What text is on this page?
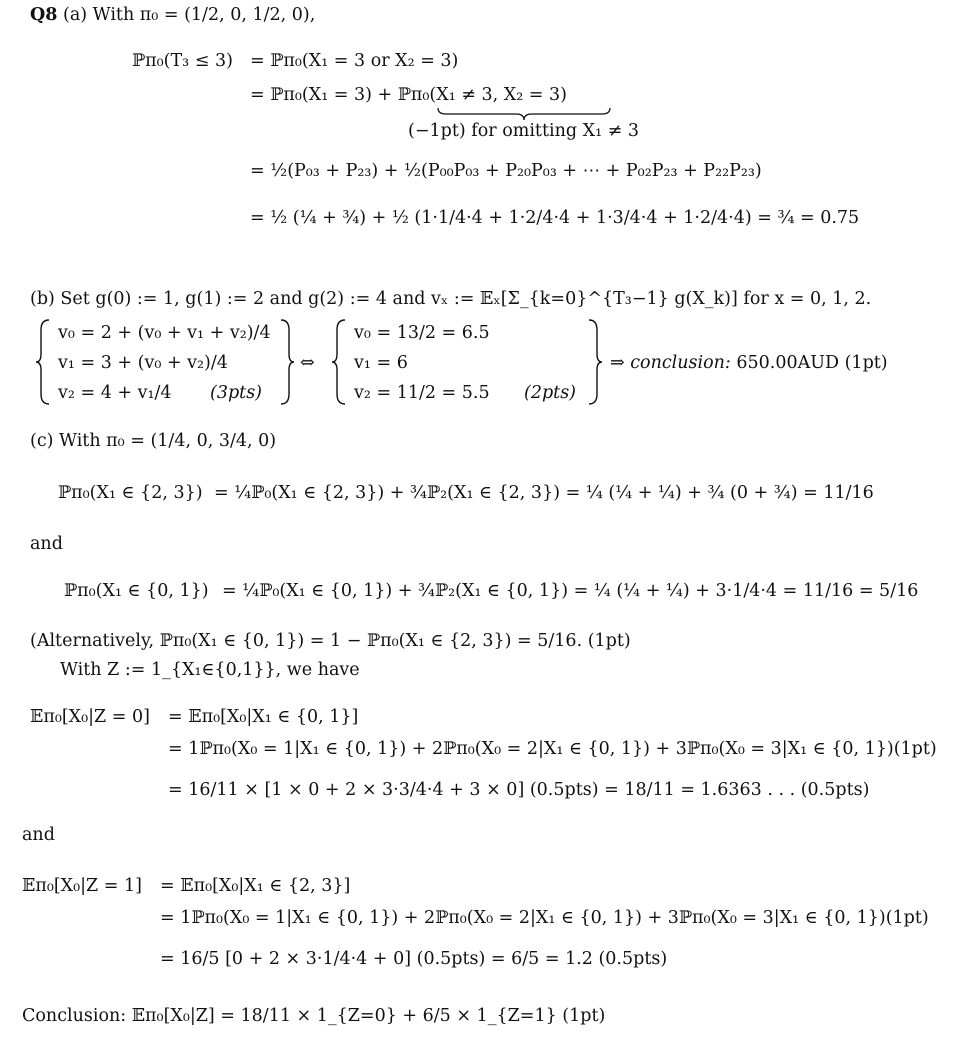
Q8 (a) With π₀ = (1/2, 0, 1/2, 0),
ℙπ₀(T₃ ≤ 3) = ℙπ₀(X₁ = 3 or X₂ = 3)
= ℙπ₀(X₁ = 3) + ℙπ₀(X₁ ≠ 3, X₂ = 3)
(−1pt) for omitting X₁ ≠ 3
= ½(P₀₃ + P₂₃) + ½(P₀₀P₀₃ + P₂₀P₀₃ + ⋯ + P₀₂P₂₃ + P₂₂P₂₃)
= ½ (¼ + ¾) + ½ (1·1/4·4 + 1·2/4·4 + 1·3/4·4 + 1·2/4·4) = ¾ = 0.75
(b) Set g(0) := 1, g(1) := 2 and g(2) := 4 and vₓ := 𝔼ₓ[Σ_{k=0}^{T₃−1} g(X_k)] for x = 0, 1, 2.
v₀ = 2 + (v₀ + v₁ + v₂)/4
v₁ = 3 + (v₀ + v₂)/4
v₂ = 4 + v₁/4 (3pts)
⇔
v₀ = 13/2 = 6.5
v₁ = 6
v₂ = 11/2 = 5.5 (2pts)
⇒ conclusion: 650.00AUD (1pt)
(c) With π₀ = (1/4, 0, 3/4, 0)
ℙπ₀(X₁ ∈ {2, 3}) = ¼ℙ₀(X₁ ∈ {2, 3}) + ¾ℙ₂(X₁ ∈ {2, 3}) = ¼ (¼ + ¼) + ¾ (0 + ¾) = 11/16
and
ℙπ₀(X₁ ∈ {0, 1}) = ¼ℙ₀(X₁ ∈ {0, 1}) + ¾ℙ₂(X₁ ∈ {0, 1}) = ¼ (¼ + ¼) + 3·1/4·4 = 11/16 = 5/16
(Alternatively, ℙπ₀(X₁ ∈ {0, 1}) = 1 − ℙπ₀(X₁ ∈ {2, 3}) = 5/16. (1pt)
With Z := 1_{X₁∈{0,1}}, we have
𝔼π₀[X₀|Z = 0] = 𝔼π₀[X₀|X₁ ∈ {0, 1}]
= 1ℙπ₀(X₀ = 1|X₁ ∈ {0, 1}) + 2ℙπ₀(X₀ = 2|X₁ ∈ {0, 1}) + 3ℙπ₀(X₀ = 3|X₁ ∈ {0, 1})(1pt)
= 16/11 × [1 × 0 + 2 × 3·3/4·4 + 3 × 0] (0.5pts) = 18/11 = 1.6363 . . . (0.5pts)
and
𝔼π₀[X₀|Z = 1] = 𝔼π₀[X₀|X₁ ∈ {2, 3}]
= 1ℙπ₀(X₀ = 1|X₁ ∈ {0, 1}) + 2ℙπ₀(X₀ = 2|X₁ ∈ {0, 1}) + 3ℙπ₀(X₀ = 3|X₁ ∈ {0, 1})(1pt)
= 16/5 [0 + 2 × 3·1/4·4 + 0] (0.5pts) = 6/5 = 1.2 (0.5pts)
Conclusion: 𝔼π₀[X₀|Z] = 18/11 × 1_{Z=0} + 6/5 × 1_{Z=1} (1pt)
